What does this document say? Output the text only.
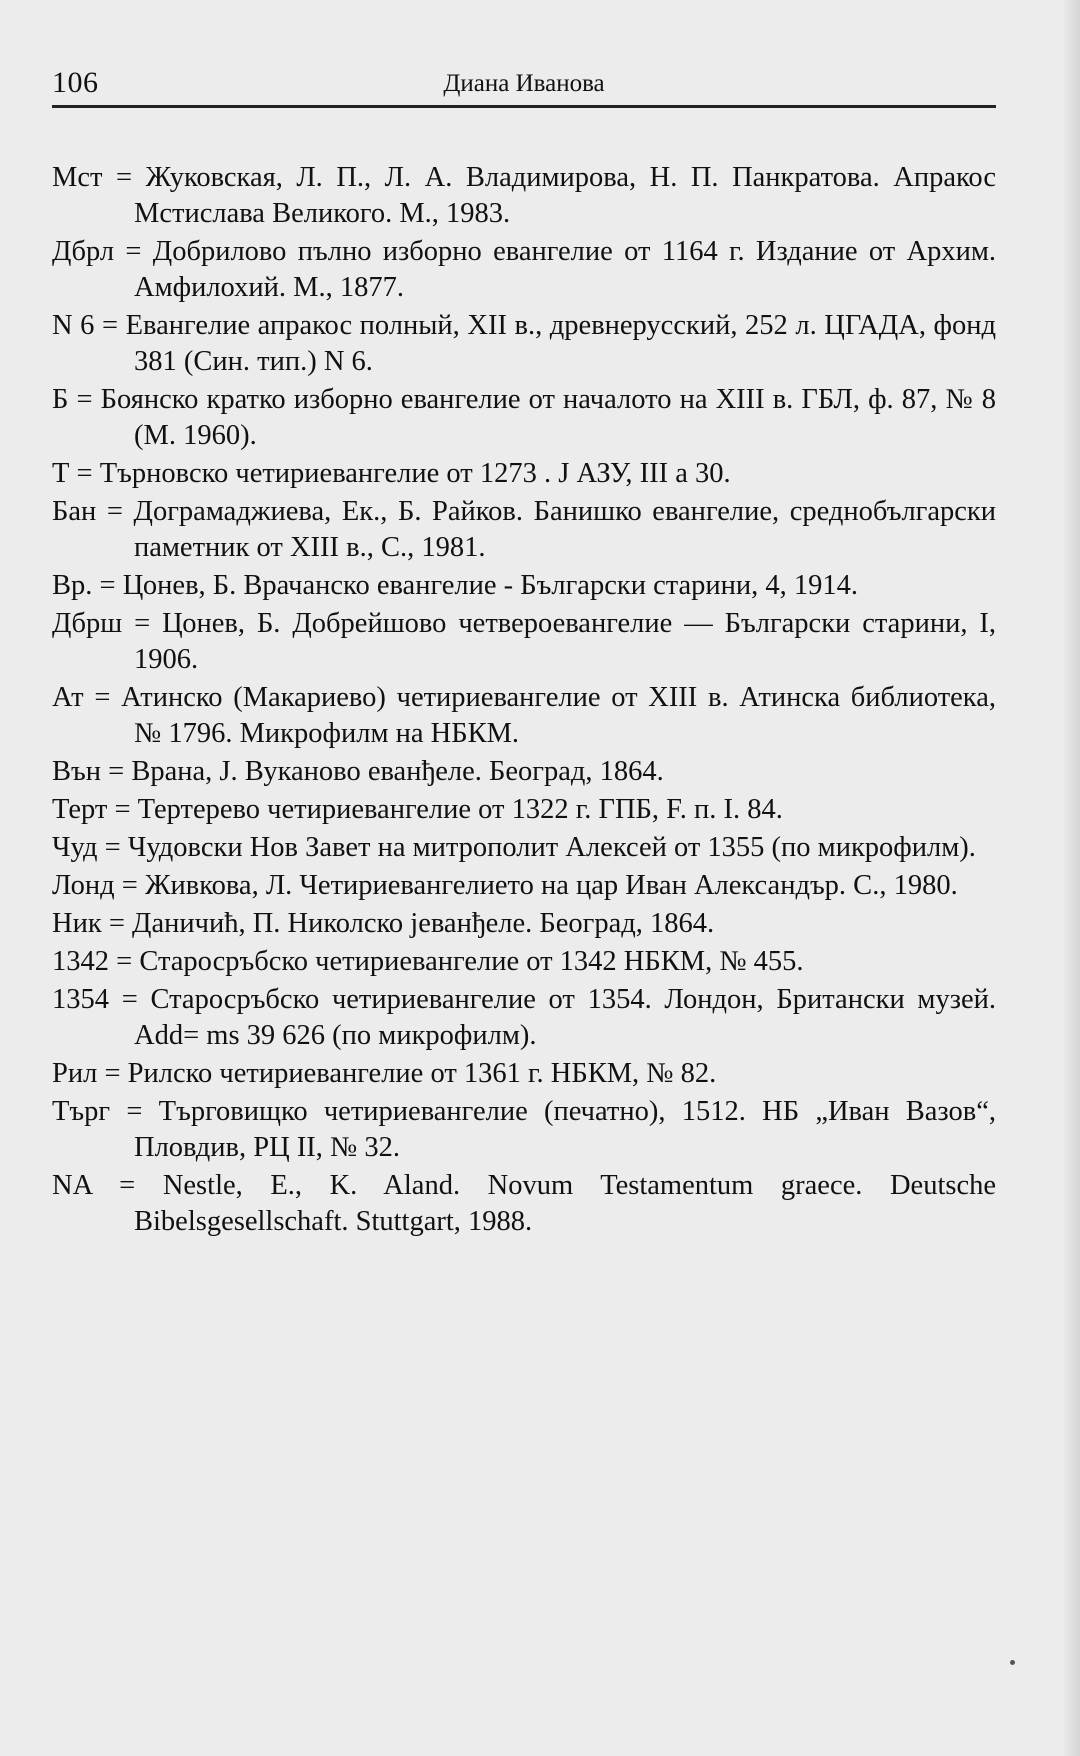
106	Диана Иванова
Мст = Жуковская, Л. П., Л. А. Владимирова, Н. П. Панкратова. Апракос Мстислава Великого. М., 1983.
Дбрл = Добрилово пълно изборно евангелие от 1164 г. Издание от Архим. Амфилохий. М., 1877.
N 6 = Евангелие апракос полный, XII в., древнерусский, 252 л. ЦГАДА, фонд 381 (Син. тип.) N 6.
Б = Боянско кратко изборно евангелие от началото на XIII в. ГБЛ, ф. 87, № 8 (М. 1960).
Т = Търновско четириевангелие от 1273 . J АЗУ, III а 30.
Бан = Дограмаджиева, Ек., Б. Райков. Банишко евангелие, среднобългарски паметник от XIII в., С., 1981.
Вр. = Цонев, Б. Врачанско евангелие - Български старини, 4, 1914.
Дбрш = Цонев, Б. Добрейшово четвероевангелие — Български старини, I, 1906.
Ат = Атинско (Макариево) четириевангелие от XIII в. Атинска библиотека, № 1796. Микрофилм на НБКМ.
Вън = Врана, J. Вуканово еванђеле. Београд, 1864.
Терт = Тертерево четириевангелие от 1322 г. ГПБ, F. п. I. 84.
Чуд = Чудовски Нов Завет на митрополит Алексей от 1355 (по микрофилм).
Лонд = Живкова, Л. Четириевангелието на цар Иван Александър. С., 1980.
Ник = Даничић, П. Николско јеванђеле. Београд, 1864.
1342 = Старосръбско четириевангелие от 1342 НБКМ, № 455.
1354 = Старосръбско четириевангелие от 1354. Лондон, Британски музей. Add= ms 39 626 (по микрофилм).
Рил = Рилско четириевангелие от 1361 г. НБКМ, № 82.
Търг = Търговищко четириевангелие (печатно), 1512. НБ „Иван Вазов“, Пловдив, РЦ II, № 32.
NA = Nestle, E., K. Aland. Novum Testamentum graece. Deutsche Bibelsgesellschaft. Stuttgart, 1988.
